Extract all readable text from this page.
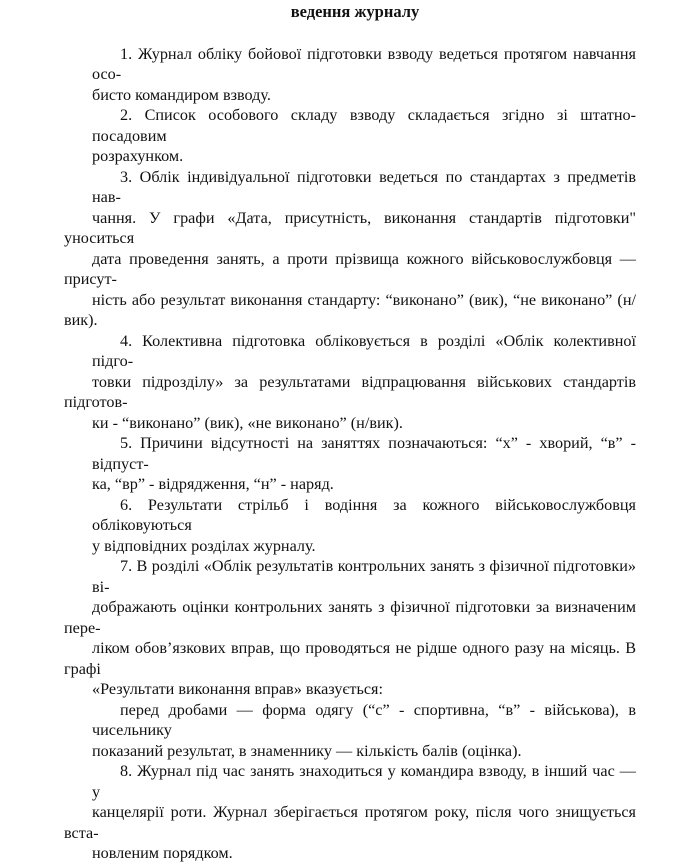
ведення журналу
1. Журнал обліку бойової підготовки взводу ведеться протягом навчання осо-
бисто командиром взводу.
2. Список особового складу взводу складається згідно зі штатно-посадовим
розрахунком.
3. Облік індивідуальної підготовки ведеться по стандартах з предметів нав-
чання. У графи «Дата, присутність, виконання стандартів підготовки" уноситься
дата проведення занять, а проти прізвища кожного військовослужбовця — присут-
ність або результат виконання стандарту: “виконано” (вик), “не виконано” (н/вик).
4. Колективна підготовка обліковується в розділі «Облік колективної підго-
товки підрозділу» за результатами відпрацювання військових стандартів підготов-
ки - “виконано” (вик), «не виконано” (н/вик).
5. Причини відсутності на заняттях позначаються: “х” - хворий, “в” - відпуст-
ка, “вр” - відрядження, “н” - наряд.
6. Результати стрільб і водіння за кожного військовослужбовця обліковуються
у відповідних розділах журналу.
7. В розділі «Облік результатів контрольних занять з фізичної підготовки» ві-
дображають оцінки контрольних занять з фізичної підготовки за визначеним пере-
ліком обов’язкових вправ, що проводяться не рідше одного разу на місяць. В графі
«Результати виконання вправ» вказується:
перед дробами — форма одягу (“с” - спортивна, “в” - військова), в чисельнику
показаний результат, в знаменнику — кількість балів (оцінка).
8. Журнал під час занять знаходиться у командира взводу, в інший час — у
канцелярії роти. Журнал зберігається протягом року, після чого знищується вста-
новленим порядком.
